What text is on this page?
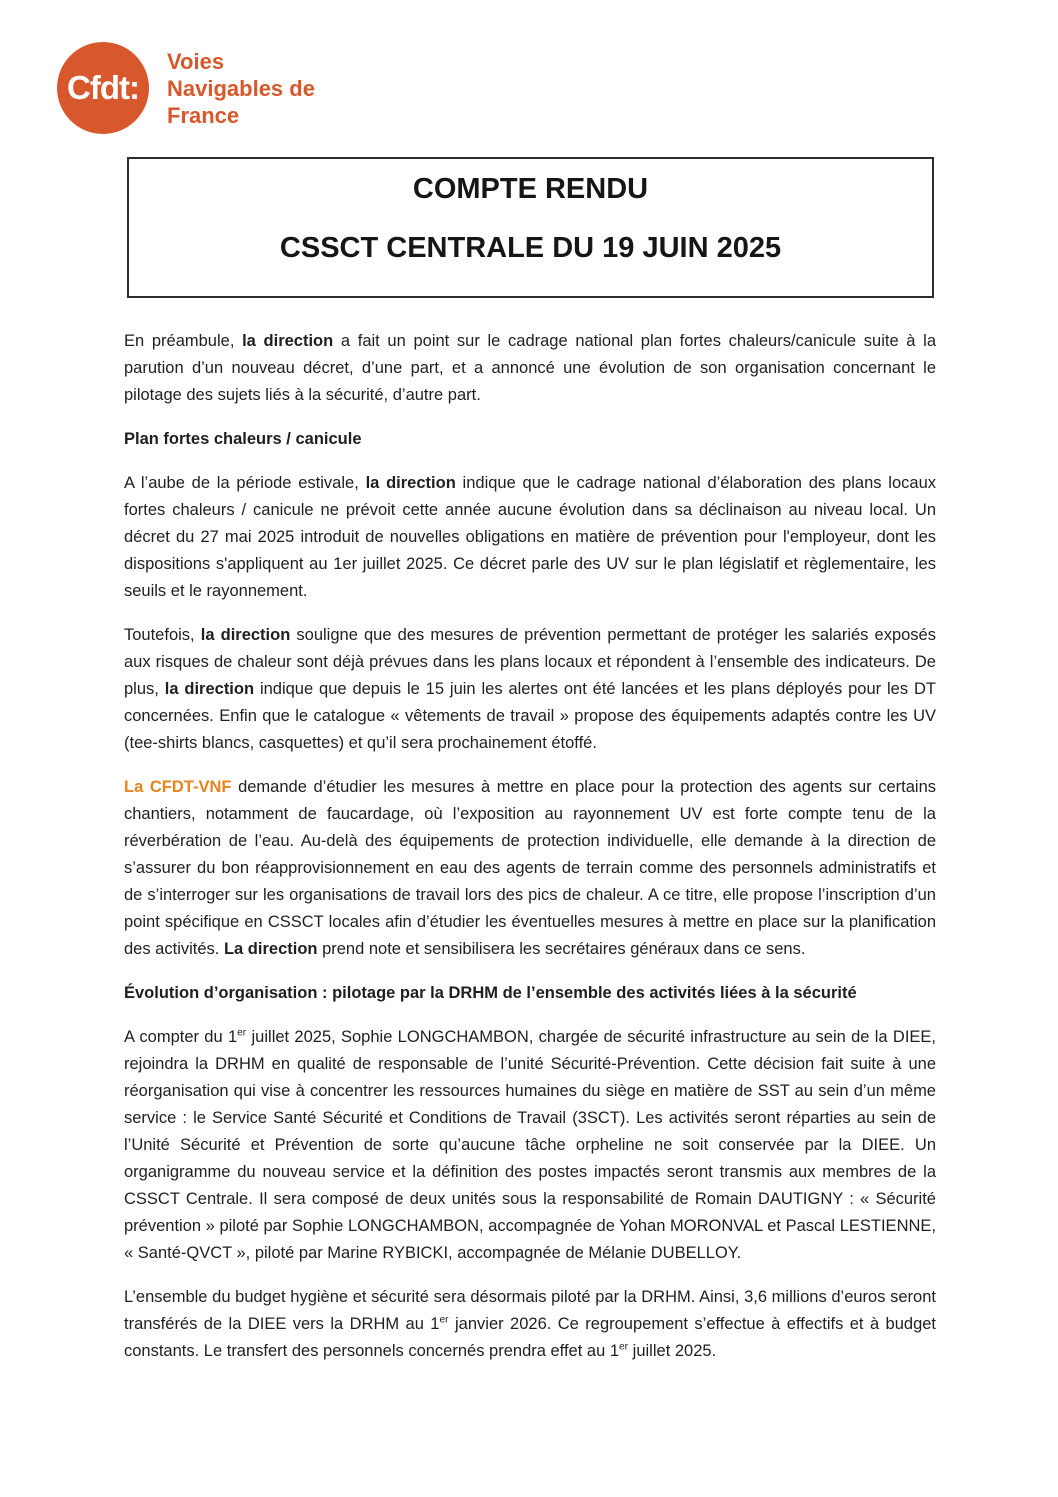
Cfdt:
Voies
Navigables de
France
COMPTE RENDU
CSSCT CENTRALE DU 19 JUIN 2025

En préambule, la direction a fait un point sur le cadrage national plan fortes chaleurs/canicule suite à la parution d’un nouveau décret, d’une part, et a annoncé une évolution de son organisation concernant le pilotage des sujets liés à la sécurité, d’autre part.

Plan fortes chaleurs / canicule

A l’aube de la période estivale, la direction indique que le cadrage national d’élaboration des plans locaux fortes chaleurs / canicule ne prévoit cette année aucune évolution dans sa déclinaison au niveau local. Un décret du 27 mai 2025 introduit de nouvelles obligations en matière de prévention pour l'employeur, dont les dispositions s'appliquent au 1er juillet 2025. Ce décret parle des UV sur le plan législatif et règlementaire, les seuils et le rayonnement.

Toutefois, la direction souligne que des mesures de prévention permettant de protéger les salariés exposés aux risques de chaleur sont déjà prévues dans les plans locaux et répondent à l’ensemble des indicateurs. De plus, la direction indique que depuis le 15 juin les alertes ont été lancées et les plans déployés pour les DT concernées. Enfin que le catalogue « vêtements de travail » propose des équipements adaptés contre les UV (tee-shirts blancs, casquettes) et qu’il sera prochainement étoffé.

La CFDT-VNF demande d’étudier les mesures à mettre en place pour la protection des agents sur certains chantiers, notamment de faucardage, où l’exposition au rayonnement UV est forte compte tenu de la réverbération de l’eau. Au-delà des équipements de protection individuelle, elle demande à la direction de s’assurer du bon réapprovisionnement en eau des agents de terrain comme des personnels administratifs et de s’interroger sur les organisations de travail lors des pics de chaleur. A ce titre, elle propose l’inscription d’un point spécifique en CSSCT locales afin d’étudier les éventuelles mesures à mettre en place sur la planification des activités. La direction prend note et sensibilisera les secrétaires généraux dans ce sens.

Évolution d’organisation : pilotage par la DRHM de l’ensemble des activités liées à la sécurité

A compter du 1er juillet 2025, Sophie LONGCHAMBON, chargée de sécurité infrastructure au sein de la DIEE, rejoindra la DRHM en qualité de responsable de l’unité Sécurité-Prévention. Cette décision fait suite à une réorganisation qui vise à concentrer les ressources humaines du siège en matière de SST au sein d’un même service : le Service Santé Sécurité et Conditions de Travail (3SCT). Les activités seront réparties au sein de l’Unité Sécurité et Prévention de sorte qu’aucune tâche orpheline ne soit conservée par la DIEE. Un organigramme du nouveau service et la définition des postes impactés seront transmis aux membres de la CSSCT Centrale. Il sera composé de deux unités sous la responsabilité de Romain DAUTIGNY : « Sécurité prévention » piloté par Sophie LONGCHAMBON, accompagnée de Yohan MORONVAL et Pascal LESTIENNE, « Santé-QVCT », piloté par Marine RYBICKI, accompagnée de Mélanie DUBELLOY.

L’ensemble du budget hygiène et sécurité sera désormais piloté par la DRHM. Ainsi, 3,6 millions d’euros seront transférés de la DIEE vers la DRHM au 1er janvier 2026. Ce regroupement s’effectue à effectifs et à budget constants. Le transfert des personnels concernés prendra effet au 1er juillet 2025.
